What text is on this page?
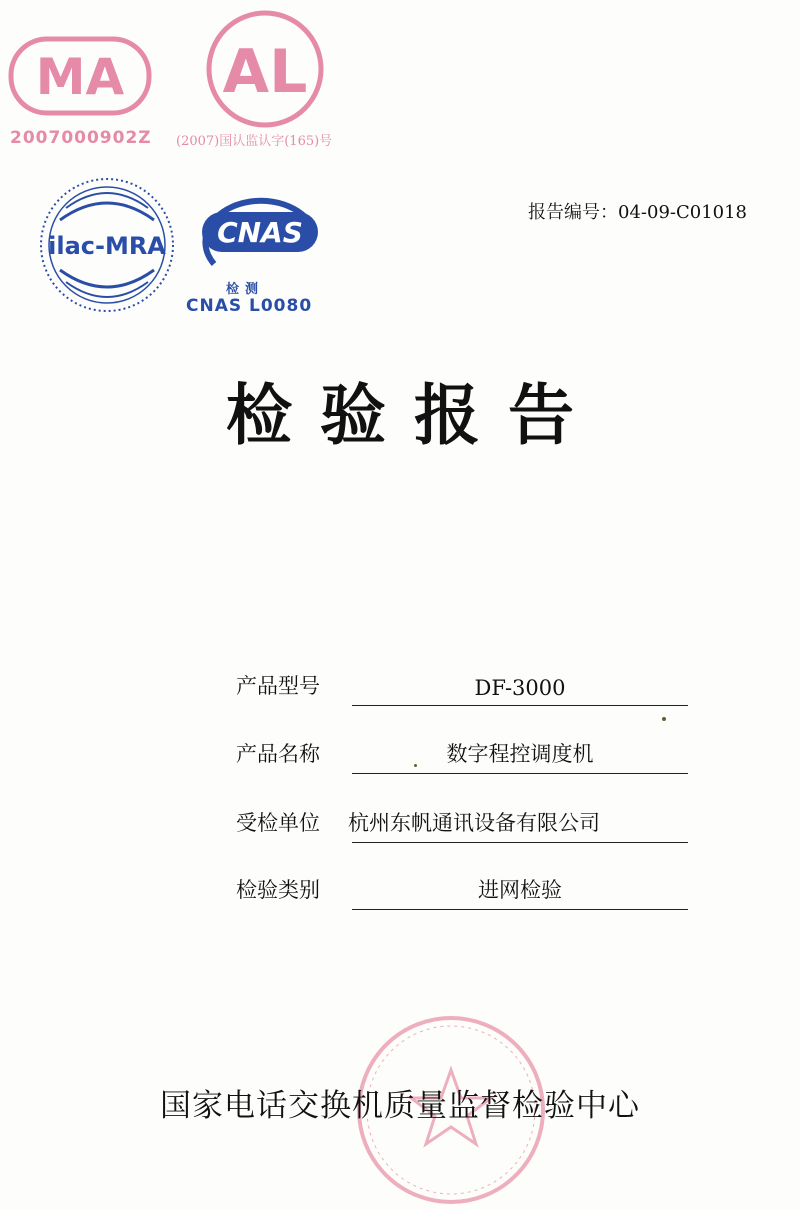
MA
2007000902Z
AL
(2007)国认监认字(165)号
ilac-MRA CNAS
检测
CNAS L0080
报告编号：04-09-C01018
检验报告
产品型号	DF-3000
产品名称	数字程控调度机
受检单位 杭州东帆通讯设备有限公司
检验类别	进网检验
国家电话交换机质量监督检验中心
